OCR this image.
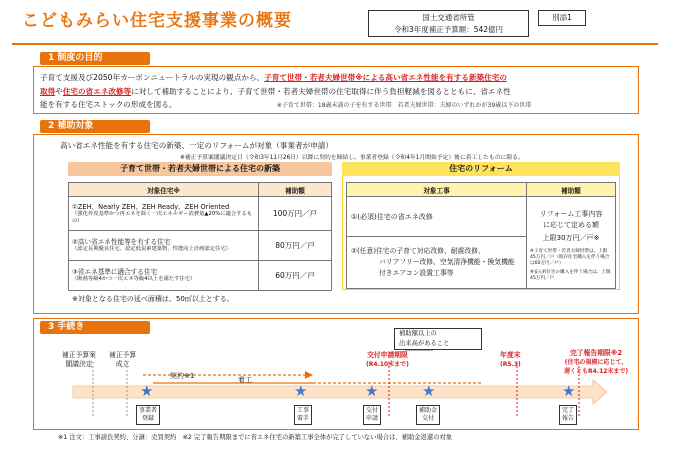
こどもみらい住宅支援事業の概要	国土交通省所管
令和3年度補正予算額：542億円
別添1
1 制度の目的
子育て支援及び2050年カーボンニュートラルの実現の観点から、子育て世帯・若者夫婦世帯※による高い省エネ性能を有する新築住宅の
取得や住宅の省エネ改修等に対して補助することにより、子育て世帯・若者夫婦世帯の住宅取得に伴う負担軽減を図るとともに、省エネ性
能を有する住宅ストックの形成を図る。	※子育て世帯：18歳未満の子を有する世帯　若者夫婦世帯：夫婦のいずれかが39歳以下の世帯
2 補助対象
高い省エネ性能を有する住宅の新築、一定のリフォームが対象（事業者が申請）
※補正予算案閣議決定日（令和3年11月26日）以降に契約を締結し、事業者登録（令和4年1月開始予定）後に着工したものに限る。
子育て世帯・若者夫婦世帯による住宅の新築
対象住宅※	補助額

①ZEH、Nearly ZEH、ZEH Ready、ZEH Oriented
（強化外皮基準かつ再エネを除く一次エネルギー消費量▲20%に適合するもの）	100万円／戸

②高い省エネ性能等を有する住宅
（認定長期優良住宅、認定低炭素建築物、性能向上計画認定住宅）	80万円／戸

③省エネ基準に適合する住宅
（断熱等級4かつ一次エネ等級4以上を満たす住宅）	60万円／戸
※対象となる住宅の延べ面積は、50㎡以上とする。
住宅のリフォーム
対象工事	補助額
①(必須)住宅の省エネ改修	リフォーム工事内容
に応じて定める額
上限30万円／戸※
※子育て世帯・若者夫婦世帯は、上限45万円／戸（既存住宅購入を伴う場合は60万円／戸）
※安心R住宅の購入を伴う場合は、上限45万円／戸

②(任意)住宅の子育て対応改修、耐震改修、
バリアフリー改修、空気清浄機能・換気機能
付きエアコン設置工事等	
3 手続き
補助額以上の
出来高があること
補正予算案
閣議決定
補正予算
成立
交付申請期限
(R4.10末まで)
年度末
(R5.3)
完了報告期限※2
(住宅の規模に応じて、
遅くともR4.12末まで)
契約※1	着工
★	★	★	★	★
事業者
登録
工事
着手
交付
申請
補助金
交付
完了
報告
※1 注文：工事請負契約、分譲：売買契約　※2 完了報告期限までに省エネ住宅の新築工事全体が完了していない場合は、補助金返還の対象
